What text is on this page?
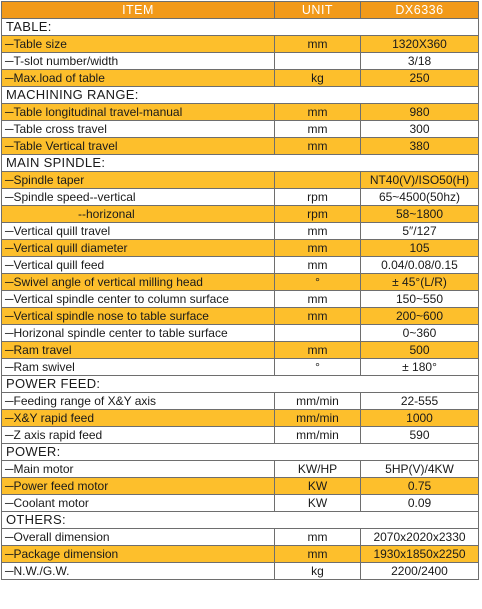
ITEM	UNIT	DX6336
TABLE:		
─Table size	mm	1320X360
─T-slot number/width		3/18
─Max.load of table	kg	250
MACHINING RANGE:		
─Table longitudinal travel-manual	mm	980
─Table cross travel	mm	300
─Table Vertical travel	mm	380
MAIN SPINDLE:		
─Spindle taper		NT40(V)/ISO50(H)
─Spindle speed--vertical	rpm	65~4500(50hz)
--horizonal	rpm	58~1800
─Vertical quill travel	mm	5″/127
─Vertical quill diameter	mm	105
─Vertical quill feed	mm	0.04/0.08/0.15
─Swivel angle of vertical milling head	°	± 45°(L/R)
─Vertical spindle center to column surface	mm	150~550
─Vertical spindle nose to table surface	mm	200~600
─Horizonal spindle center to table surface		0~360
─Ram travel	mm	500
─Ram swivel	°	± 180°
POWER FEED:		
─Feeding range of X&Y axis	mm/min	22-555
─X&Y rapid feed	mm/min	1000
─Z axis rapid feed	mm/min	590
POWER:		
─Main motor	KW/HP	5HP(V)/4KW
─Power feed motor	KW	0.75
─Coolant motor	KW	0.09
OTHERS:		
─Overall dimension	mm	2070x2020x2330
─Package dimension	mm	1930x1850x2250
─N.W./G.W.	kg	2200/2400
